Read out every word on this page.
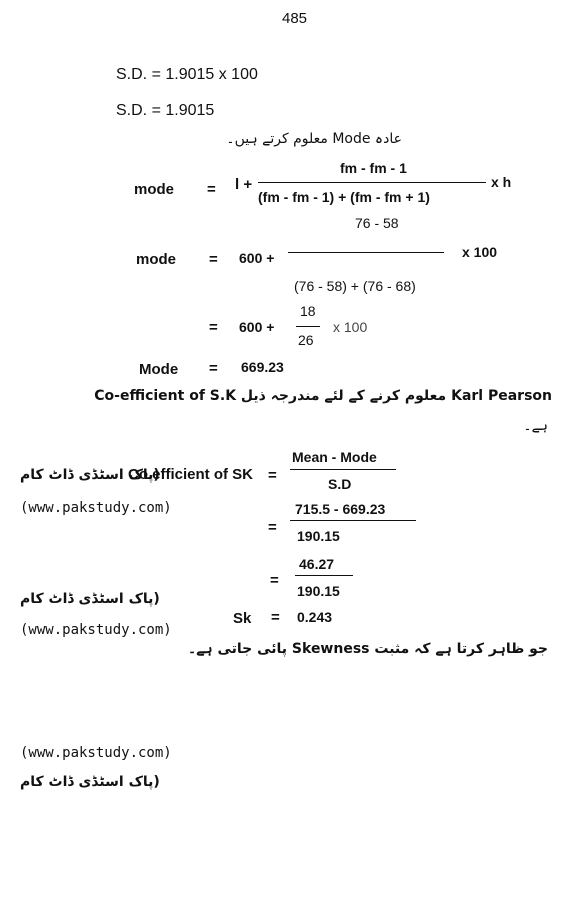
485
S.D. = 1.9015 x 100
S.D. = 1.9015
عادہ Mode معلوم کرتے ہیں۔
mode = l +
fm - fm - 1
(fm - fm - 1) + (fm - fm + 1)
x h
76 - 58
mode = 600 +	x 100
(76 - 58) + (76 - 68)
18
= 600 +	x 100
26
Mode = 669.23
Co-efficient of S.K معلوم کرنے کے لئے مندرجہ ذیل Karl Pearson
ہے۔
(پاک اسٹڈی ڈاٹ کام
Co.efficient of SK =
Mean - Mode
S.D
(www.pakstudy.com)	715.5 - 669.23
= 190.15
46.27
=
190.15
(پاک اسٹڈی ڈاٹ کام
Sk = 0.243
(www.pakstudy.com)
جو ظاہر کرتا ہے کہ مثبت Skewness پائی جاتی ہے۔
(www.pakstudy.com)
(پاک اسٹڈی ڈاٹ کام
